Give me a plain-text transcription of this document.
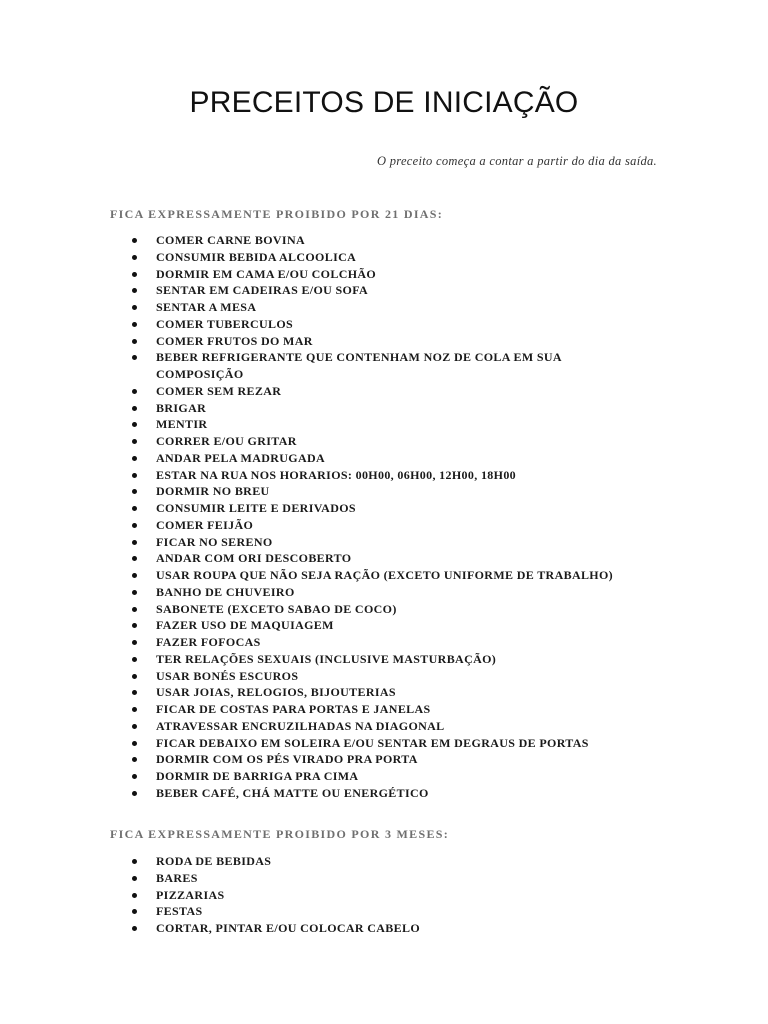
PRECEITOS DE INICIAÇÃO
O preceito começa a contar a partir do dia da saída.
FICA EXPRESSAMENTE PROIBIDO POR 21 DIAS:
COMER CARNE BOVINA
CONSUMIR BEBIDA ALCOOLICA
DORMIR EM CAMA E/OU COLCHÃO
SENTAR EM CADEIRAS E/OU SOFA
SENTAR A MESA
COMER TUBERCULOS
COMER FRUTOS DO MAR
BEBER REFRIGERANTE QUE CONTENHAM NOZ DE COLA EM SUA COMPOSIÇÃO
COMER SEM REZAR
BRIGAR
MENTIR
CORRER E/OU GRITAR
ANDAR PELA MADRUGADA
ESTAR NA RUA NOS HORARIOS: 00H00, 06H00, 12H00, 18H00
DORMIR NO BREU
CONSUMIR LEITE E DERIVADOS
COMER FEIJÃO
FICAR NO SERENO
ANDAR COM ORI DESCOBERTO
USAR ROUPA QUE NÃO SEJA RAÇÃO (EXCETO UNIFORME DE TRABALHO)
BANHO DE CHUVEIRO
SABONETE (EXCETO SABAO DE COCO)
FAZER USO DE MAQUIAGEM
FAZER FOFOCAS
TER RELAÇÕES SEXUAIS (INCLUSIVE MASTURBAÇÃO)
USAR BONÉS ESCUROS
USAR JOIAS, RELOGIOS, BIJOUTERIAS
FICAR DE COSTAS PARA PORTAS E JANELAS
ATRAVESSAR ENCRUZILHADAS NA DIAGONAL
FICAR DEBAIXO EM SOLEIRA E/OU SENTAR EM DEGRAUS DE PORTAS
DORMIR COM OS PÉS VIRADO PRA PORTA
DORMIR DE BARRIGA PRA CIMA
BEBER CAFÉ, CHÁ MATTE OU ENERGÉTICO
FICA EXPRESSAMENTE PROIBIDO POR 3 MESES:
RODA DE BEBIDAS
BARES
PIZZARIAS
FESTAS
CORTAR, PINTAR E/OU COLOCAR CABELO
